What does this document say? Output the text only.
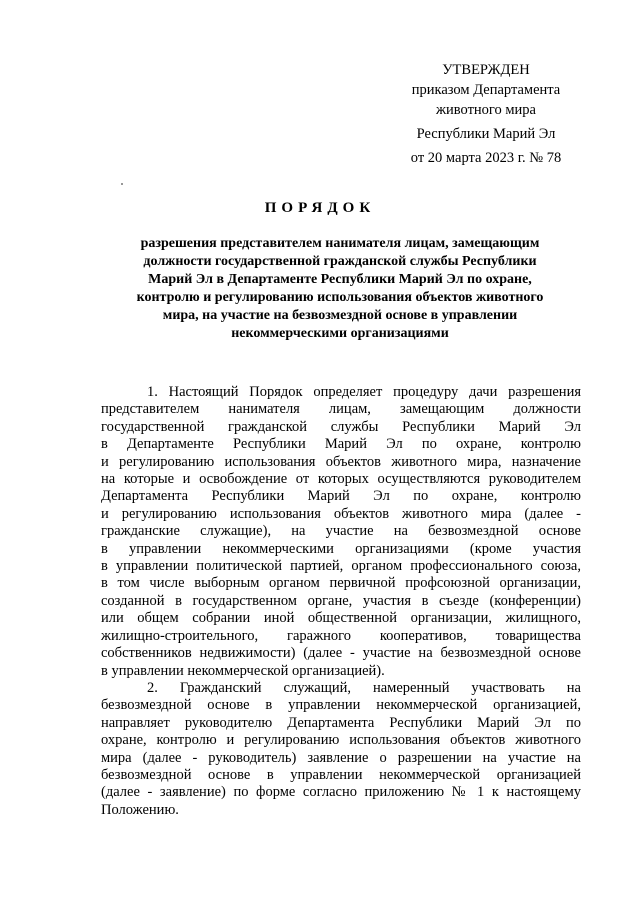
УТВЕРЖДЕН
приказом Департамента
животного мира
Республики Марий Эл
от 20 марта 2023 г. № 78
ПОРЯДОК
разрешения представителем нанимателя лицам, замещающим
должности государственной гражданской службы Республики
Марий Эл в Департаменте Республики Марий Эл по охране,
контролю и регулированию использования объектов животного
мира, на участие на безвозмездной основе в управлении
некоммерческими организациями
1. Настоящий Порядок определяет процедуру дачи разрешения
представителем нанимателя лицам, замещающим должности
государственной гражданской службы Республики Марий Эл
в Департаменте Республики Марий Эл по охране, контролю
и регулированию использования объектов животного мира, назначение
на которые и освобождение от которых осуществляются руководителем
Департамента Республики Марий Эл по охране, контролю
и регулированию использования объектов животного мира (далее -
гражданские служащие), на участие на безвозмездной основе
в управлении некоммерческими организациями (кроме участия
в управлении политической партией, органом профессионального союза,
в том числе выборным органом первичной профсоюзной организации,
созданной в государственном органе, участия в съезде (конференции)
или общем собрании иной общественной организации, жилищного,
жилищно-строительного, гаражного кооперативов, товарищества
собственников недвижимости) (далее - участие на безвозмездной основе
в управлении некоммерческой организацией).
2. Гражданский служащий, намеренный участвовать на
безвозмездной основе в управлении некоммерческой организацией,
направляет руководителю Департамента Республики Марий Эл по
охране, контролю и регулированию использования объектов животного
мира (далее - руководитель) заявление о разрешении на участие на
безвозмездной основе в управлении некоммерческой организацией
(далее - заявление) по форме согласно приложению № 1 к настоящему
Положению.
